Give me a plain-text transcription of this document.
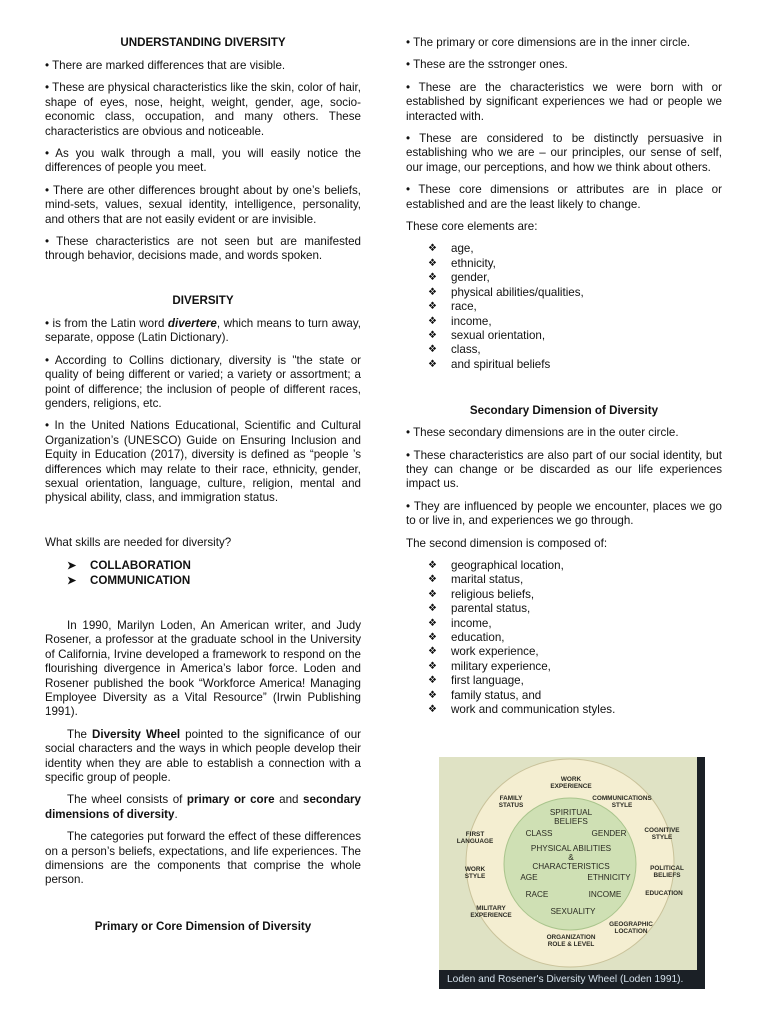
UNDERSTANDING DIVERSITY

• There are marked differences that are visible.

• These are physical characteristics like the skin, color of hair, shape of eyes, nose, height, weight, gender, age, socio-economic class, occupation, and many others. These characteristics are obvious and noticeable.

• As you walk through a mall, you will easily notice the differences of people you meet.

• There are other differences brought about by one’s beliefs, mind-sets, values, sexual identity, intelligence, personality, and others that are not easily evident or are invisible.

• These characteristics are not seen but are manifested through behavior, decisions made, and words spoken.

DIVERSITY

• is from the Latin word divertere, which means to turn away, separate, oppose (Latin Dictionary).

• According to Collins dictionary, diversity is "the state or quality of being different or varied; a variety or assortment; a point of difference; the inclusion of people of different races, genders, religions, etc.

• In the United Nations Educational, Scientific and Cultural Organization’s (UNESCO) Guide on Ensuring Inclusion and Equity in Education (2017), diversity is defined as “people ’s differences which may relate to their race, ethnicity, gender, sexual orientation, language, culture, religion, mental and physical ability, class, and immigration status.

What skills are needed for diversity?

➤ COLLABORATION
➤ COMMUNICATION

In 1990, Marilyn Loden, An American writer, and Judy Rosener, a professor at the graduate school in the University of California, Irvine developed a framework to respond on the flourishing divergence in America’s labor force. Loden and Rosener published the book “Workforce America! Managing Employee Diversity as a Vital Resource” (Irwin Publishing 1991).

The Diversity Wheel pointed to the significance of our social characters and the ways in which people develop their identity when they are able to establish a connection with a specific group of people.

The wheel consists of primary or core and secondary dimensions of diversity.

The categories put forward the effect of these differences on a person’s beliefs, expectations, and life experiences. The dimensions are the components that comprise the whole person.

Primary or Core Dimension of Diversity

• The primary or core dimensions are in the inner circle.

• These are the sstronger ones.

• These are the characteristics we were born with or established by significant experiences we had or people we interacted with.

• These are considered to be distinctly persuasive in establishing who we are – our principles, our sense of self, our image, our perceptions, and how we think about others.

• These core dimensions or attributes are in place or established and are the least likely to change.

These core elements are:

❖ age,
❖ ethnicity,
❖ gender,
❖ physical abilities/qualities,
❖ race,
❖ income,
❖ sexual orientation,
❖ class,
❖ and spiritual beliefs
Secondary Dimension of Diversity

• These secondary dimensions are in the outer circle.

• These characteristics are also part of our social identity, but they can change or be discarded as our life experiences impact us.

• They are influenced by people we encounter, places we go to or live in, and experiences we go through.

The second dimension is composed of:

❖ geographical location,
❖ marital status,
❖ religious beliefs,
❖ parental status,
❖ income,
❖ education,
❖ work experience,
❖ military experience,
❖ first language,
❖ family status, and
❖ work and communication styles.
WORK EXPERIENCE
FAMILY STATUS
COMMUNICATIONS STYLE
FIRST LANGUAGE
COGNITIVE STYLE
WORK STYLE
POLITICAL BELIEFS
EDUCATION
MILITARY EXPERIENCE
GEOGRAPHIC LOCATION
ORGANIZATION ROLE & LEVEL
SPIRITUAL BELIEFS
CLASS	GENDER
PHYSICAL ABILITIES & CHARACTERISTICS
AGE	ETHNICITY
RACE	INCOME
SEXUALITY
Loden and Rosener's Diversity Wheel (Loden 1991).
